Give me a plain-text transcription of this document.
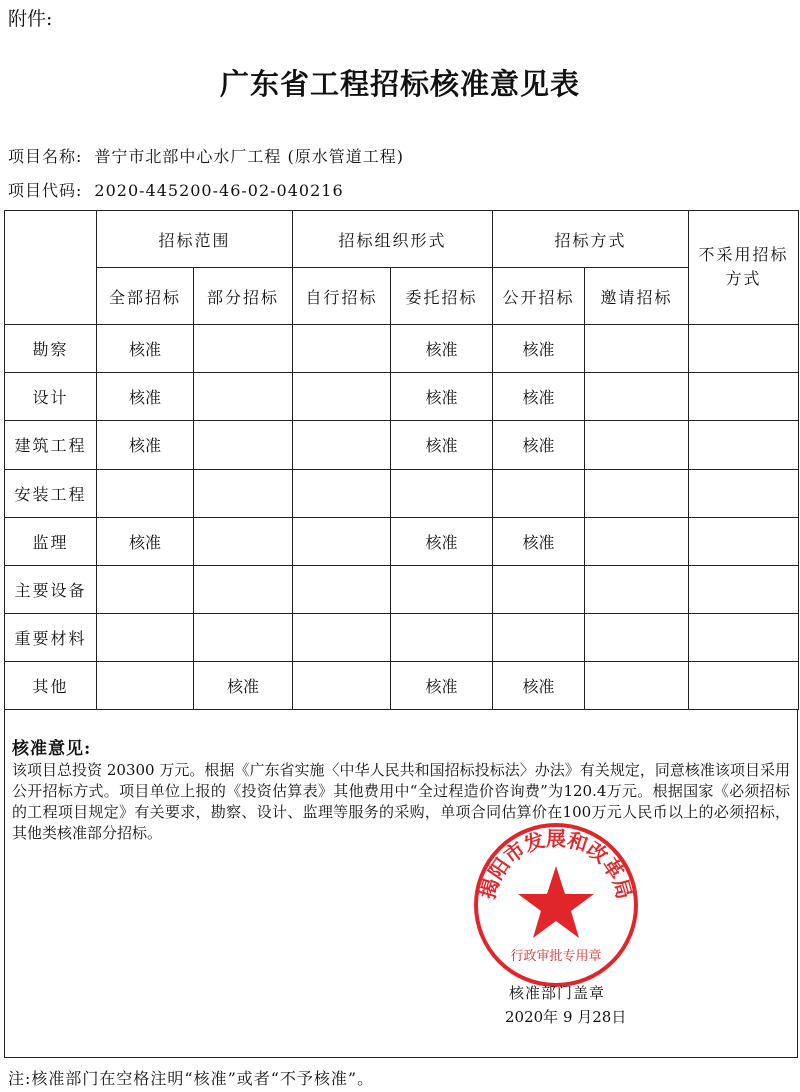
附件:
广东省工程招标核准意见表
项目名称: 普宁市北部中心水厂工程 (原水管道工程)
项目代码: 2020-445200-46-02-040216
	招标范围		招标组织形式		招标方式		不采用招标
方式

	全部招标	部分招标	自行招标	委托招标	公开招标	邀请招标	
勘察	核准			核准	核准		
设计	核准			核准	核准		
建筑工程	核准			核准	核准		
安装工程							
监理	核准			核准	核准		
主要设备							
重要材料							
其他		核准		核准	核准		
核准意见:
该项目总投资 20300 万元。根据《广东省实施〈中华人民共和国招标投标法〉办法》有关规定，同意核准该项目采用公开招标方式。项目单位上报的《投资估算表》其他费用中“全过程造价咨询费”为120.4万元。根据国家《必须招标的工程项目规定》有关要求，勘察、设计、监理等服务的采购，单项合同估算价在100万元人民币以上的必须招标，其他类核准部分招标。
揭阳市发展和改革局
行政审批专用章
核准部门盖章
2020年 9 月28日
注:核准部门在空格注明“核准”或者“不予核准”。
